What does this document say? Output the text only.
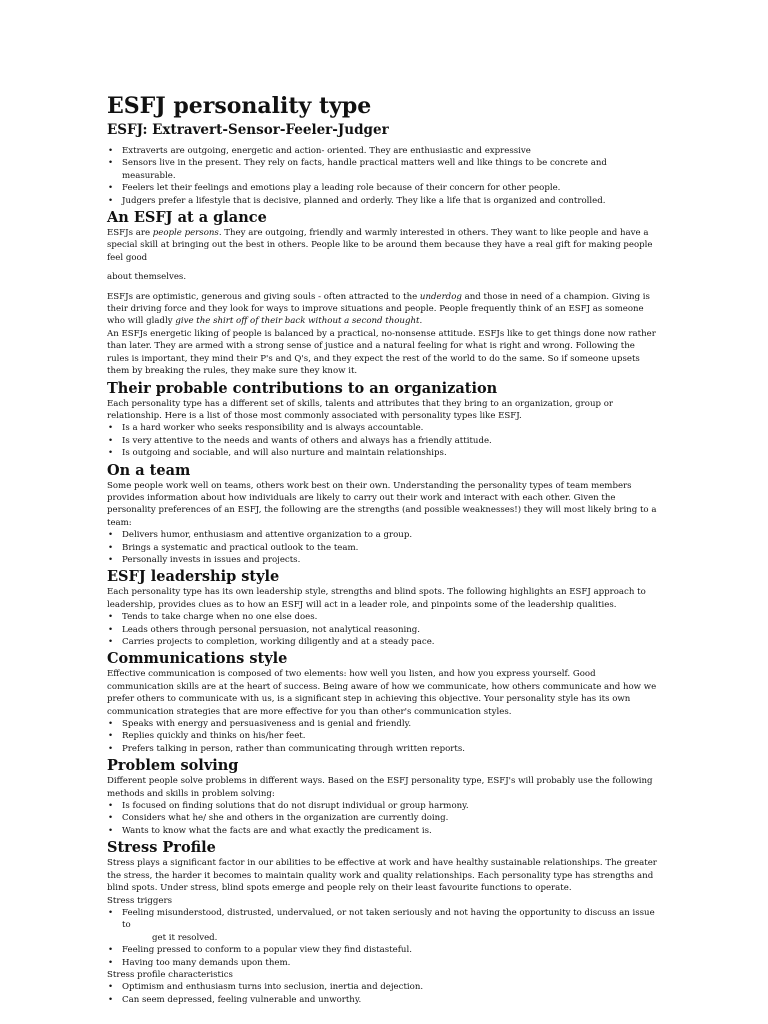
ESFJ personality type
ESFJ: Extravert-Sensor-Feeler-Judger
• Extraverts are outgoing, energetic and action- oriented. They are enthusiastic and expressive
• Sensors live in the present. They rely on facts, handle practical matters well and like things to be concrete and measurable.
• Feelers let their feelings and emotions play a leading role because of their concern for other people.
• Judgers prefer a lifestyle that is decisive, planned and orderly. They like a life that is organized and controlled.
An ESFJ at a glance

ESFJs are people persons. They are outgoing, friendly and warmly interested in others. They want to like people and have a special skill at bringing out the best in others. People like to be around them because they have a real gift for making people feel good

about themselves.

ESFJs are optimistic, generous and giving souls - often attracted to the underdog and those in need of a champion. Giving is their driving force and they look for ways to improve situations and people. People frequently think of an ESFJ as someone who will gladly give the shirt off of their back without a second thought.

An ESFJs energetic liking of people is balanced by a practical, no-nonsense attitude. ESFJs like to get things done now rather than later. They are armed with a strong sense of justice and a natural feeling for what is right and wrong. Following the rules is important, they mind their P's and Q's, and they expect the rest of the world to do the same. So if someone upsets them by breaking the rules, they make sure they know it.

Their probable contributions to an organization

Each personality type has a different set of skills, talents and attributes that they bring to an organization, group or relationship. Here is a list of those most commonly associated with personality types like ESFJ.

• Is a hard worker who seeks responsibility and is always accountable.
• Is very attentive to the needs and wants of others and always has a friendly attitude.
• Is outgoing and sociable, and will also nurture and maintain relationships.
On a team

Some people work well on teams, others work best on their own. Understanding the personality types of team members provides information about how individuals are likely to carry out their work and interact with each other. Given the personality preferences of an ESFJ, the following are the strengths (and possible weaknesses!) they will most likely bring to a team:

• Delivers humor, enthusiasm and attentive organization to a group.
• Brings a systematic and practical outlook to the team.
• Personally invests in issues and projects.
ESFJ leadership style

Each personality type has its own leadership style, strengths and blind spots. The following highlights an ESFJ approach to leadership, provides clues as to how an ESFJ will act in a leader role, and pinpoints some of the leadership qualities.

• Tends to take charge when no one else does.
• Leads others through personal persuasion, not analytical reasoning.
• Carries projects to completion, working diligently and at a steady pace.
Communications style

Effective communication is composed of two elements: how well you listen, and how you express yourself. Good communication skills are at the heart of success. Being aware of how we communicate, how others communicate and how we prefer others to communicate with us, is a significant step in achieving this objective. Your personality style has its own communication strategies that are more effective for you than other's communication styles.

• Speaks with energy and persuasiveness and is genial and friendly.
• Replies quickly and thinks on his/her feet.
• Prefers talking in person, rather than communicating through written reports.
Problem solving

Different people solve problems in different ways. Based on the ESFJ personality type, ESFJ's will probably use the following methods and skills in problem solving:

• Is focused on finding solutions that do not disrupt individual or group harmony.
• Considers what he/ she and others in the organization are currently doing.
• Wants to know what the facts are and what exactly the predicament is.
Stress Profile

Stress plays a significant factor in our abilities to be effective at work and have healthy sustainable relationships. The greater the stress, the harder it becomes to maintain quality work and quality relationships. Each personality type has strengths and blind spots. Under stress, blind spots emerge and people rely on their least favourite functions to operate.

Stress triggers
• Feeling misunderstood, distrusted, undervalued, or not taken seriously and not having the opportunity to discuss an issue to
get it resolved.
• Feeling pressed to conform to a popular view they find distasteful.
• Having too many demands upon them.
Stress profile characteristics
• Optimism and enthusiasm turns into seclusion, inertia and dejection.
• Can seem depressed, feeling vulnerable and unworthy.
